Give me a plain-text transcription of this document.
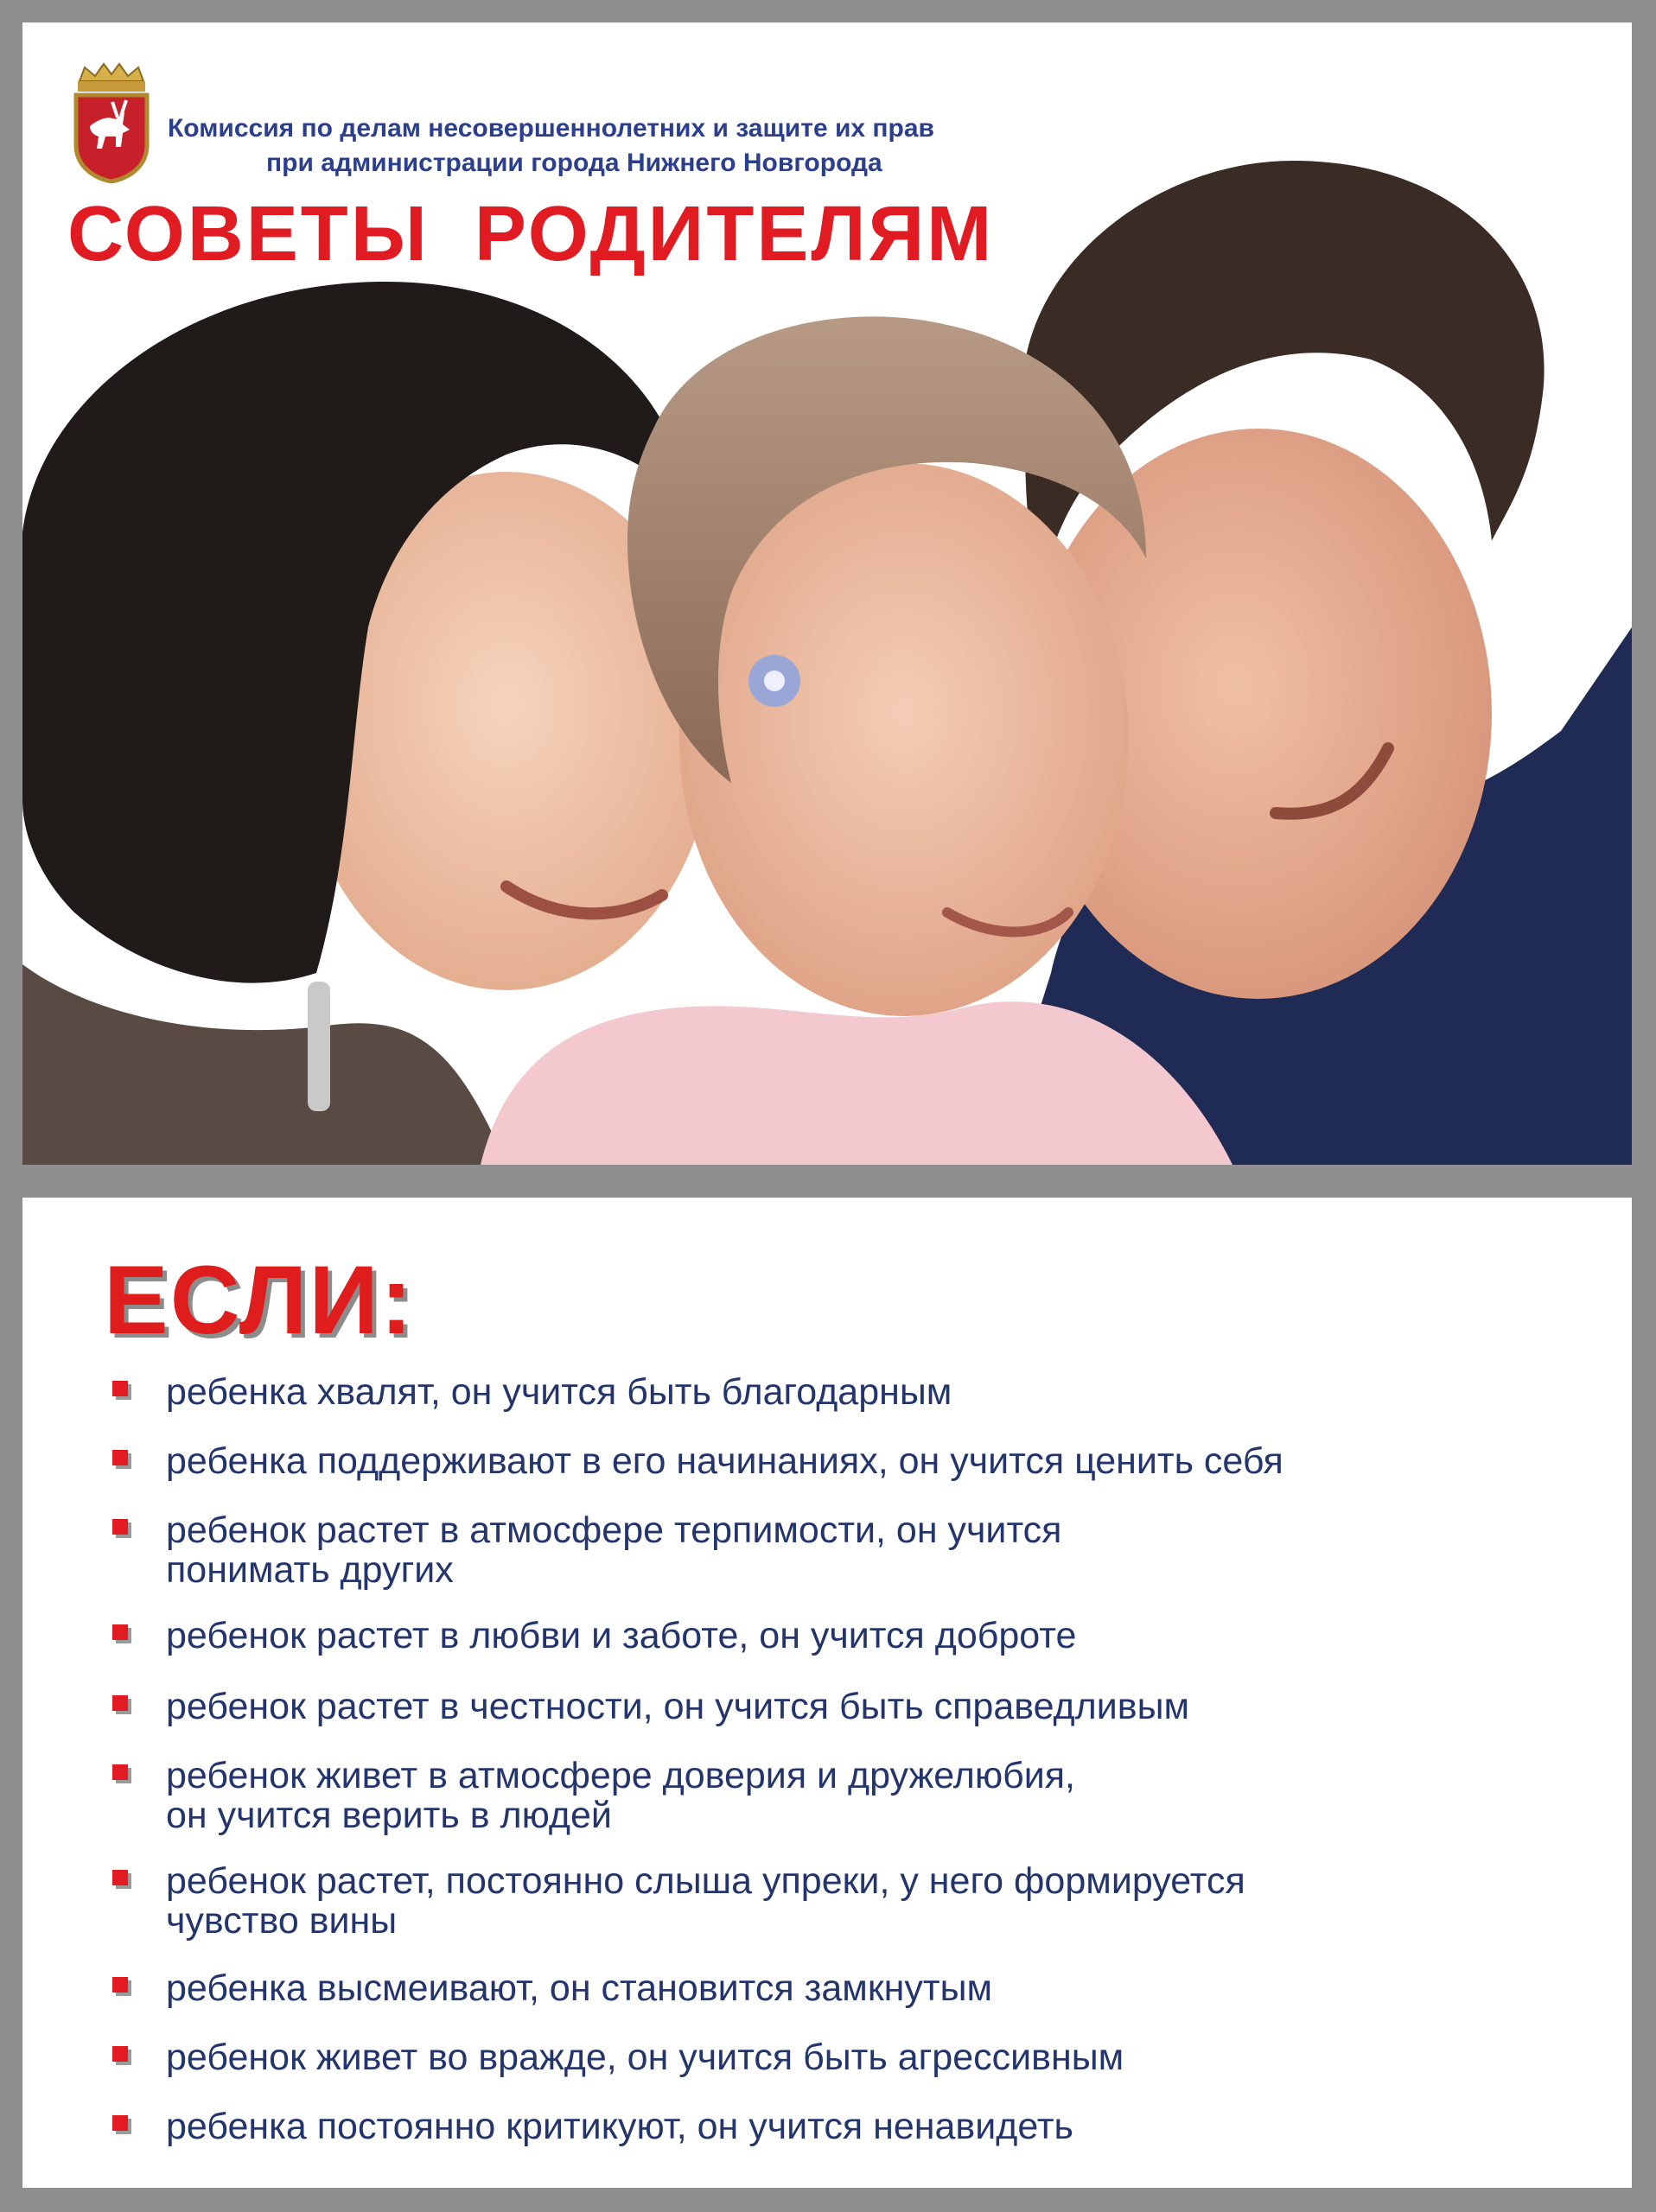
Комиссия по делам несовершеннолетних и защите их прав
при администрации города Нижнего Новгорода
СОВЕТЫ РОДИТЕЛЯМ
ЕСЛИ:
ребенка хвалят, он учится быть благодарным
ребенка поддерживают в его начинаниях, он учится ценить себя
ребенок растет в атмосфере терпимости, он учится
понимать других
ребенок растет в любви и заботе, он учится доброте
ребенок растет в честности, он учится быть справедливым
ребенок живет в атмосфере доверия и дружелюбия,
он учится верить в людей
ребенок растет, постоянно слыша упреки, у него формируется
чувство вины
ребенка высмеивают, он становится замкнутым
ребенок живет во вражде, он учится быть агрессивным
ребенка постоянно критикуют, он учится ненавидеть
